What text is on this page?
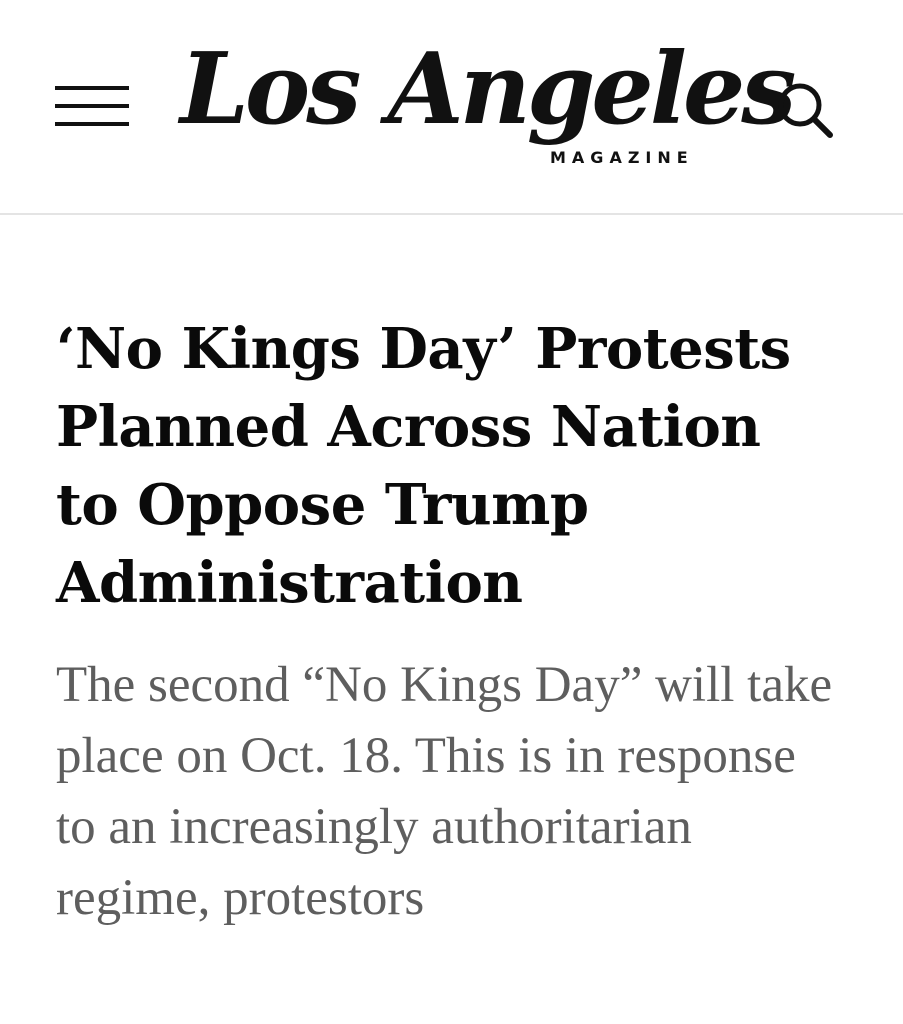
Los Angeles
MAGAZINE
‘No Kings Day’ Protests Planned Across Nation to Oppose Trump Administration

The second “No Kings Day” will take place on Oct. 18. This is in response to an increasingly authoritarian regime, protestors
